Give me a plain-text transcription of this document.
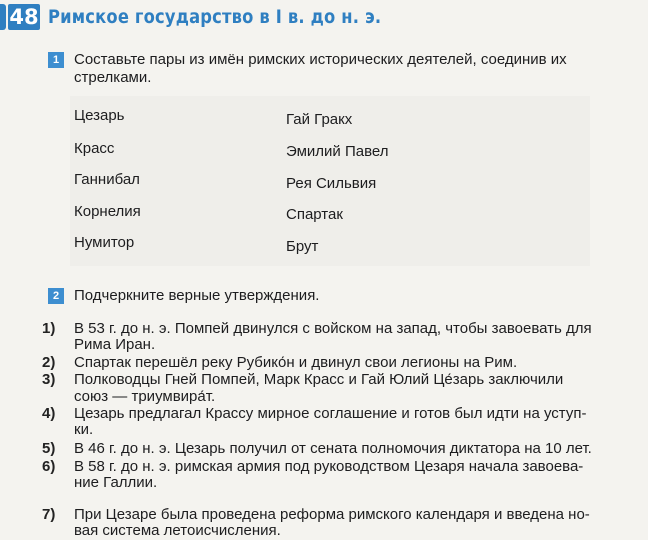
48 Римское государство в I в. до н. э.
1 Составьте пары из имён римских исторических деятелей, соединив их
стрелками.
Цезарь
Красс
Ганнибал
Корнелия
Нумитор
Гай Гракх
Эмилий Павел
Рея Сильвия
Спартак
Брут
2 Подчеркните верные утверждения.
1) В 53 г. до н. э. Помпей двинулся с войском на запад, чтобы завоевать для
Рима Иран.
2) Спартак перешёл реку Рубико́н и двинул свои легионы на Рим.
3) Полководцы Гней Помпей, Марк Красс и Гай Юлий Це́зарь заключили
союз — триумвира́т.
4) Цезарь предлагал Крассу мирное соглашение и готов был идти на уступ-
ки.
5) В 46 г. до н. э. Цезарь получил от сената полномочия диктатора на 10 лет.
6) В 58 г. до н. э. римская армия под руководством Цезаря начала завоева-
ние Галлии.
7) При Цезаре была проведена реформа римского календаря и введена но-
вая система летоисчисления.
